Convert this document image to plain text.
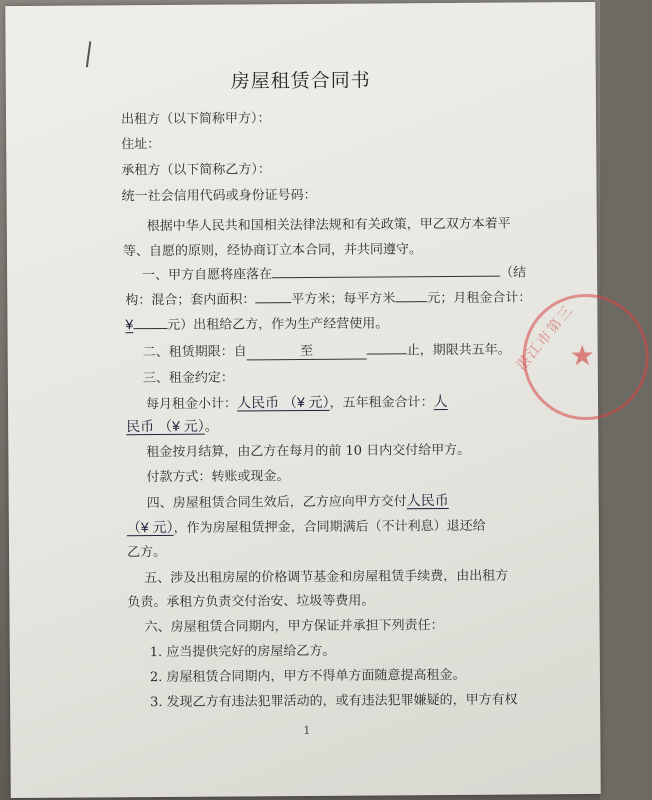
房屋租赁合同书
出租方（以下简称甲方）：
住址：
承租方（以下简称乙方）：
统一社会信用代码或身份证号码：
根据中华人民共和国相关法律法规和有关政策，甲乙双方本着平
等、自愿的原则，经协商订立本合同，并共同遵守。
一、甲方自愿将座落在	（结
构：混合；套内面积：	平方米；每平方米 元；月租金合计：
¥	元）出租给乙方，作为生产经营使用。
二、租赁期限：自	至	止，期限共五年。
三、租金约定：
每月租金小计：人民币 （¥ 元），五年租金合计：人
民币 （¥ 元）。
租金按月结算，由乙方在每月的前 10 日内交付给甲方。
付款方式：转账或现金。
四、房屋租赁合同生效后，乙方应向甲方交付人民币
（¥ 元），作为房屋租赁押金，合同期满后（不计利息）退还给
乙方。
五、涉及出租房屋的价格调节基金和房屋租赁手续费，由出租方
负责。承租方负责交付治安、垃圾等费用。
六、房屋租赁合同期内，甲方保证并承担下列责任：
1. 应当提供完好的房屋给乙方。
2. 房屋租赁合同期内，甲方不得单方面随意提高租金。
3. 发现乙方有违法犯罪活动的，或有违法犯罪嫌疑的，甲方有权
1
湛江市第三
★
